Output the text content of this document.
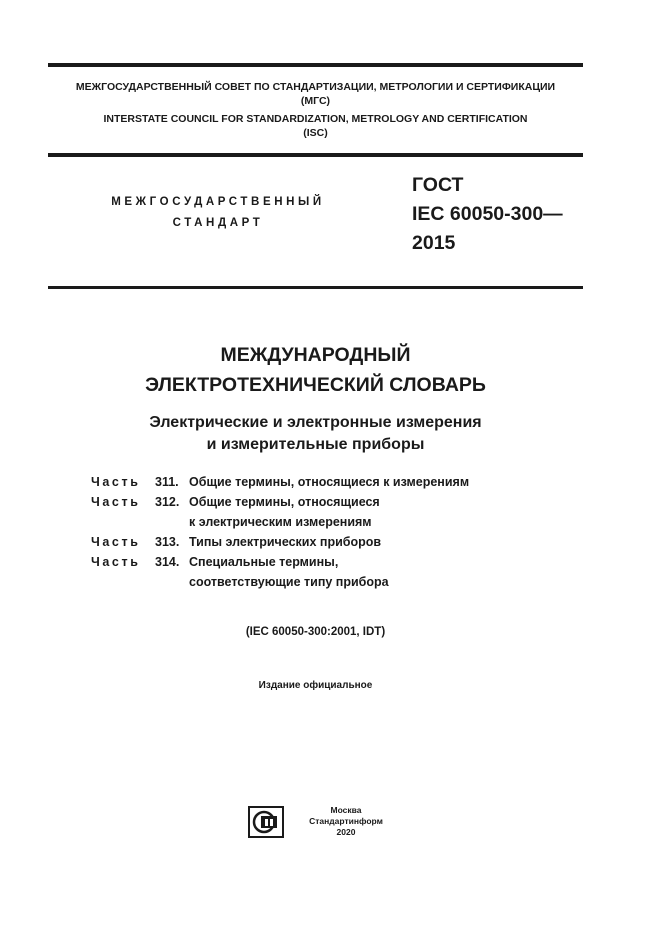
МЕЖГОСУДАРСТВЕННЫЙ СОВЕТ ПО СТАНДАРТИЗАЦИИ, МЕТРОЛОГИИ И СЕРТИФИКАЦИИ
(МГС)
INTERSTATE COUNCIL FOR STANDARDIZATION, METROLOGY AND CERTIFICATION
(ISC)
МЕЖГОСУДАРСТВЕННЫЙ
СТАНДАРТ
ГОСТ
IEC 60050-300—
2015
МЕЖДУНАРОДНЫЙ
ЭЛЕКТРОТЕХНИЧЕСКИЙ СЛОВАРЬ
Электрические и электронные измерения
и измерительные приборы
Часть	311. Общие термины, относящиеся к измерениям
Часть	312. Общие термины, относящиеся
к электрическим измерениям
Часть	313. Типы электрических приборов
Часть	314. Специальные термины,
соответствующие типу прибора
(IEC 60050-300:2001, IDT)
Издание официальное
Москва
Стандартинформ
2020
